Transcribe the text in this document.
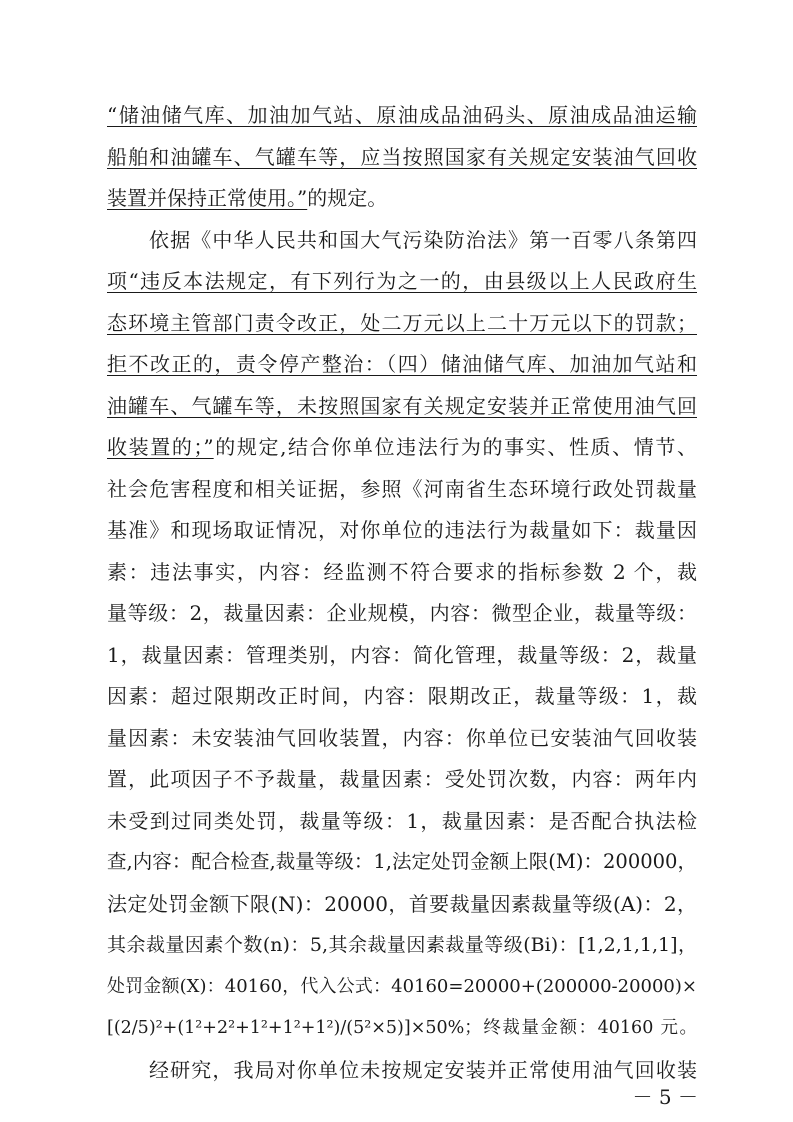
“储油储气库、加油加气站、原油成品油码头、原油成品油运输
船舶和油罐车、气罐车等，应当按照国家有关规定安装油气回收
装置并保持正常使用。”的规定。
依据《中华人民共和国大气污染防治法》第一百零八条第四
项“违反本法规定，有下列行为之一的，由县级以上人民政府生
态环境主管部门责令改正，处二万元以上二十万元以下的罚款；
拒不改正的，责令停产整治：（四）储油储气库、加油加气站和
油罐车、气罐车等，未按照国家有关规定安装并正常使用油气回
收装置的；”的规定,结合你单位违法行为的事实、性质、情节、
社会危害程度和相关证据，参照《河南省生态环境行政处罚裁量
基准》和现场取证情况，对你单位的违法行为裁量如下：裁量因
素：违法事实，内容：经监测不符合要求的指标参数 2 个，裁
量等级：2，裁量因素：企业规模，内容：微型企业，裁量等级：
1，裁量因素：管理类别，内容：简化管理，裁量等级：2，裁量
因素：超过限期改正时间，内容：限期改正，裁量等级：1，裁
量因素：未安装油气回收装置，内容：你单位已安装油气回收装
置，此项因子不予裁量，裁量因素：受处罚次数，内容：两年内
未受到过同类处罚，裁量等级：1，裁量因素：是否配合执法检
查,内容：配合检查,裁量等级：1,法定处罚金额上限(M)：200000，
法定处罚金额下限(N)：20000，首要裁量因素裁量等级(A)：2，
其余裁量因素个数(n)：5,其余裁量因素裁量等级(Bi)：[1,2,1,1,1]，
处罚金额(X)：40160，代入公式：40160=20000+(200000-20000)×
[(2/5)²+(1²+2²+1²+1²+1²)/(5²×5)]×50%；终裁量金额：40160 元。
经研究，我局对你单位未按规定安装并正常使用油气回收装
－ 5 －
